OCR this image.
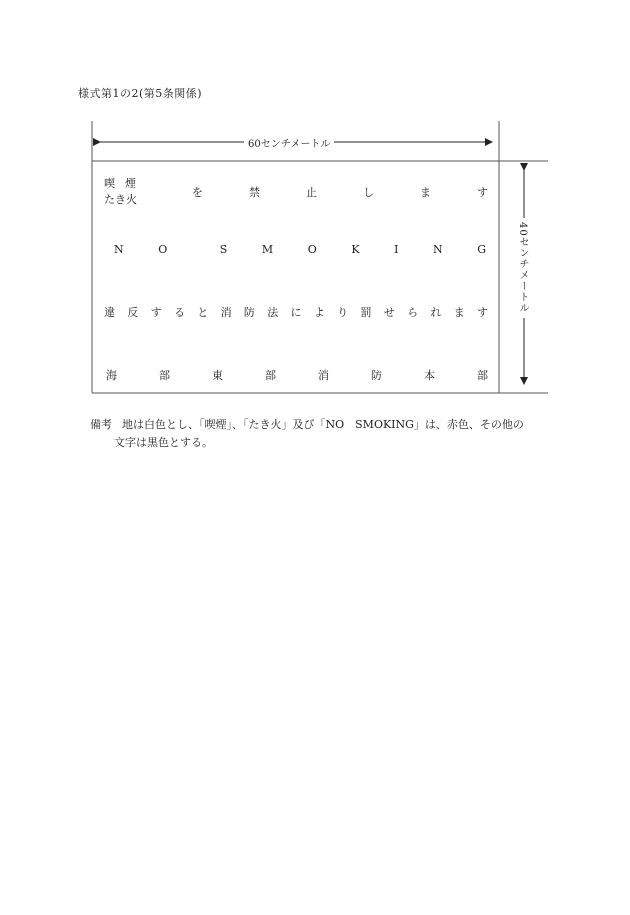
様式第1の2(第5条関係)
60センチメートル
40センチメートル
喫煙
たき火
を	禁	止	し	ま	す
N	O	S	M	O	K	I	N	G
違 反 す る と 消 防 法 に よ り 罰 せ ら れ ま す
海	部	東	部	消	防	本	部
備考 地は白色とし、「喫煙」、「たき火」及び「NO　SMOKING」は、赤色、その他の
文字は黒色とする。
